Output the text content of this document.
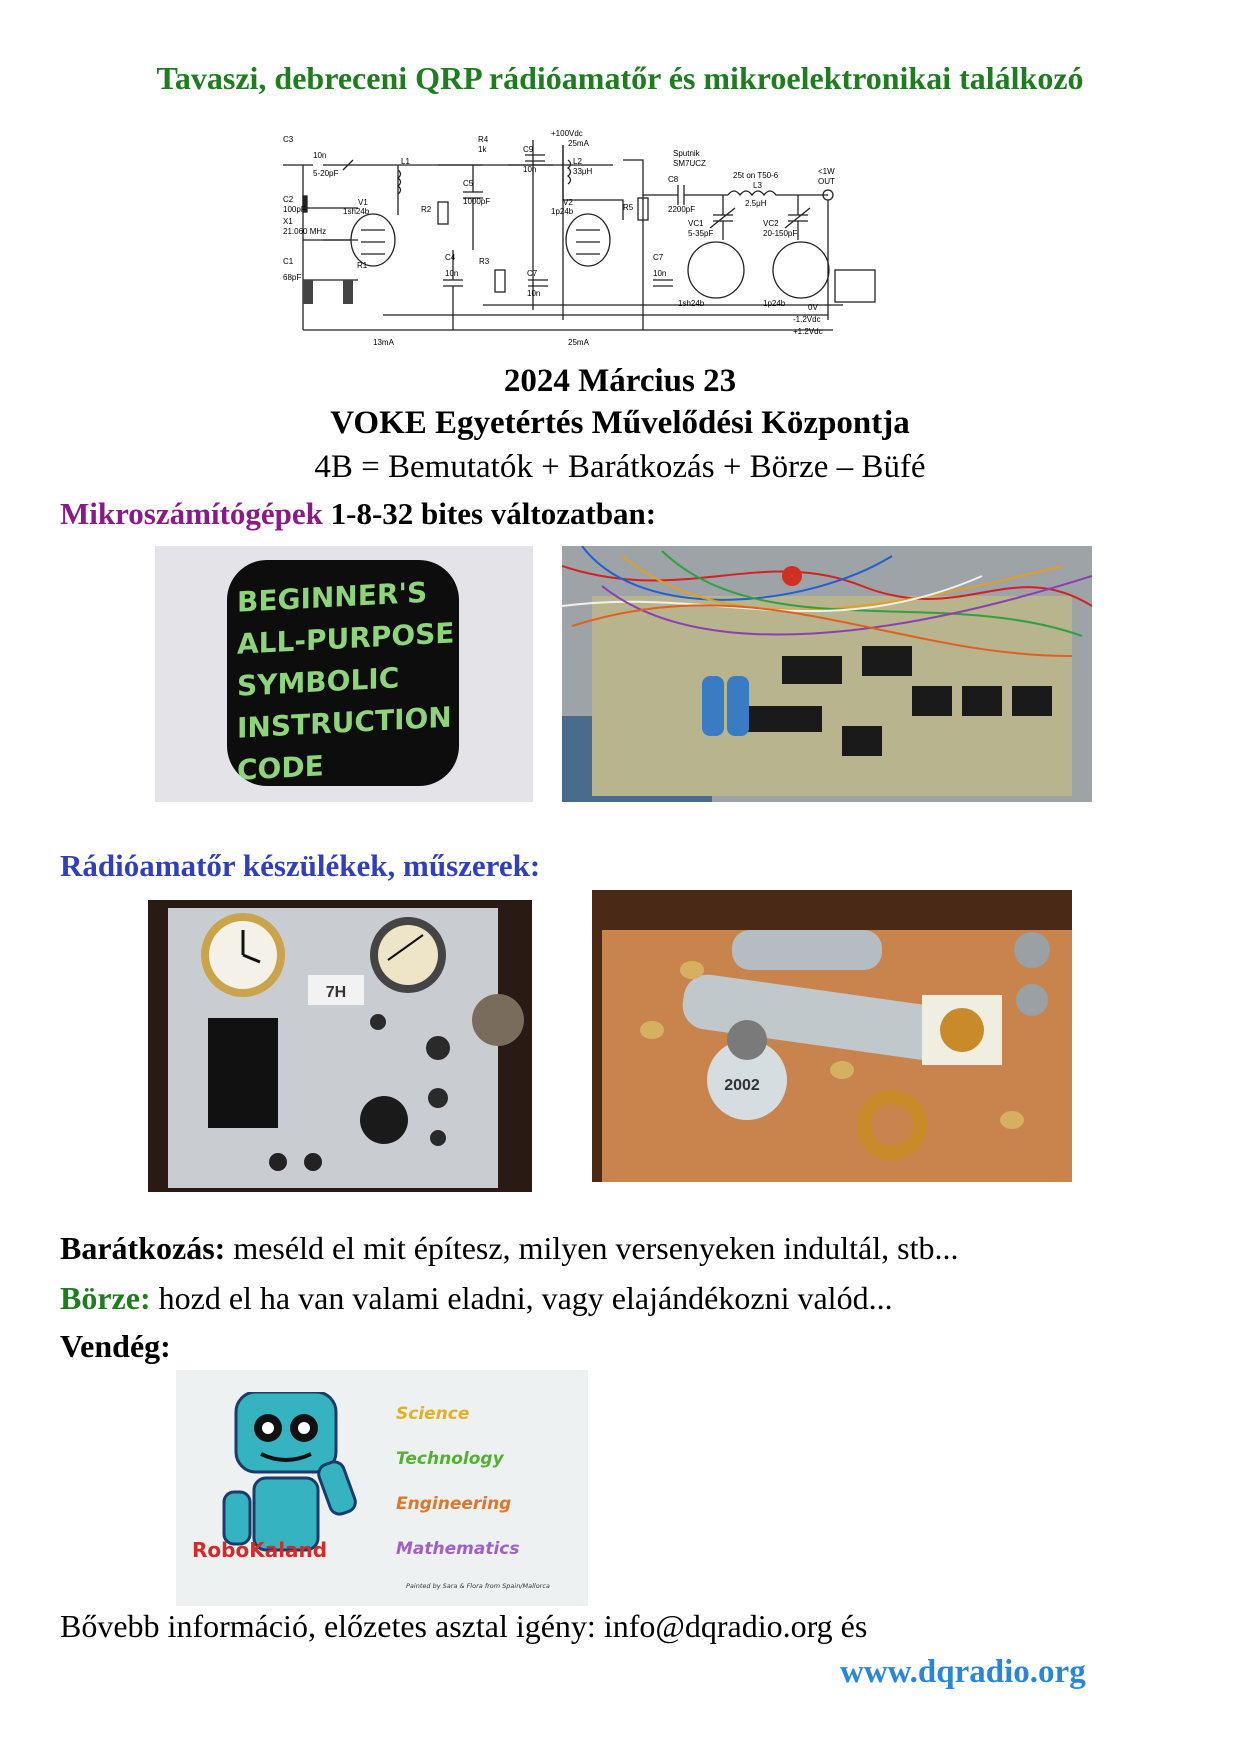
Tavaszi, debreceni QRP rádióamatőr és mikroelektronikai találkozó
C3
10n
5-20pF
L1
R4
1k	C9
10n
+100Vdc
25mA
L2
33μH
Sputnik
SM7UCZ
C5
1000pF
C2
100pF
X1
21.060 MHz
V1
1sh24b	R2
V2
1p24b	R5
C8
2200pF
25t on T50-6
L3
2.5μH
VC1
5-35pF
VC2
20-150pF
<1W
OUT
C1
68pF
R1
C4
10n
R3
C7
10n
C7
10n
0V
-1.2Vdc
+1.2Vdc
1sh24b	1p24b
13mA	25mA
2024 Március 23
VOKE Egyetértés Művelődési Központja
4B = Bemutatók + Barátkozás + Börze – Büfé
Mikroszámítógépek 1-8-32 bites változatban:
BEGINNER'S
ALL-PURPOSE
SYMBOLIC
INSTRUCTION
CODE
Rádióamatőr készülékek, műszerek:
7H
2002
Barátkozás: meséld el mit építesz, milyen versenyeken indultál, stb...
Börze: hozd el ha van valami eladni, vagy elajándékozni valód...
Vendég:
RoboKaland
Science
Technology
Engineering
Mathematics
Painted by Sara & Flora from Spain/Mallorca
Bővebb információ, előzetes asztal igény: info@dqradio.org és
www.dqradio.org
